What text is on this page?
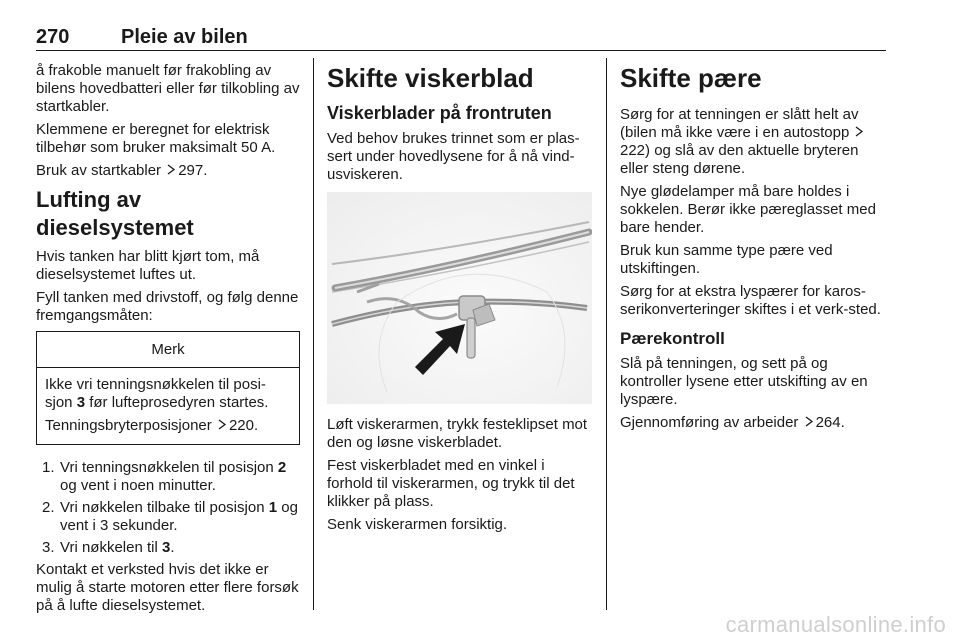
270	Pleie av bilen

å frakoble manuelt før frakobling av bilens hovedbatteri eller før tilkobling av startkabler.

Klemmene er beregnet for elektrisk tilbehør som bruker maksimalt 50 A.

Bruk av startkabler 297.

Lufting av dieselsystemet

Hvis tanken har blitt kjørt tom, må dieselsystemet luftes ut.

Fyll tanken med drivstoff, og følg denne fremgangsmåten:

Merk

Ikke vri tenningsnøkkelen til posi-sjon 3 før lufteprosedyren startes.

Tenningsbryterposisjoner 220.

1. Vri tenningsnøkkelen til posisjon 2 og vent i noen minutter.
2. Vri nøkkelen tilbake til posisjon 1 og vent i 3 sekunder.
3. Vri nøkkelen til 3.

Kontakt et verksted hvis det ikke er mulig å starte motoren etter flere forsøk på å lufte dieselsystemet.

Skifte viskerblad
Viskerblader på frontruten

Ved behov brukes trinnet som er plas-sert under hovedlysene for å nå vind-usviskeren.

Løft viskerarmen, trykk festeklipset mot den og løsne viskerbladet.

Fest viskerbladet med en vinkel i forhold til viskerarmen, og trykk til det klikker på plass.

Senk viskerarmen forsiktig.

Skifte pære

Sørg for at tenningen er slått helt av (bilen må ikke være i en autostopp 222) og slå av den aktuelle bryteren eller steng dørene.

Nye glødelamper må bare holdes i sokkelen. Berør ikke pæreglasset med bare hender.

Bruk kun samme type pære ved utskiftingen.

Sørg for at ekstra lyspærer for karos-serikonverteringer skiftes i et verk-sted.

Pærekontroll

Slå på tenningen, og sett på og kontroller lysene etter utskifting av en lyspære.

Gjennomføring av arbeider 264.

carmanualsonline.info
